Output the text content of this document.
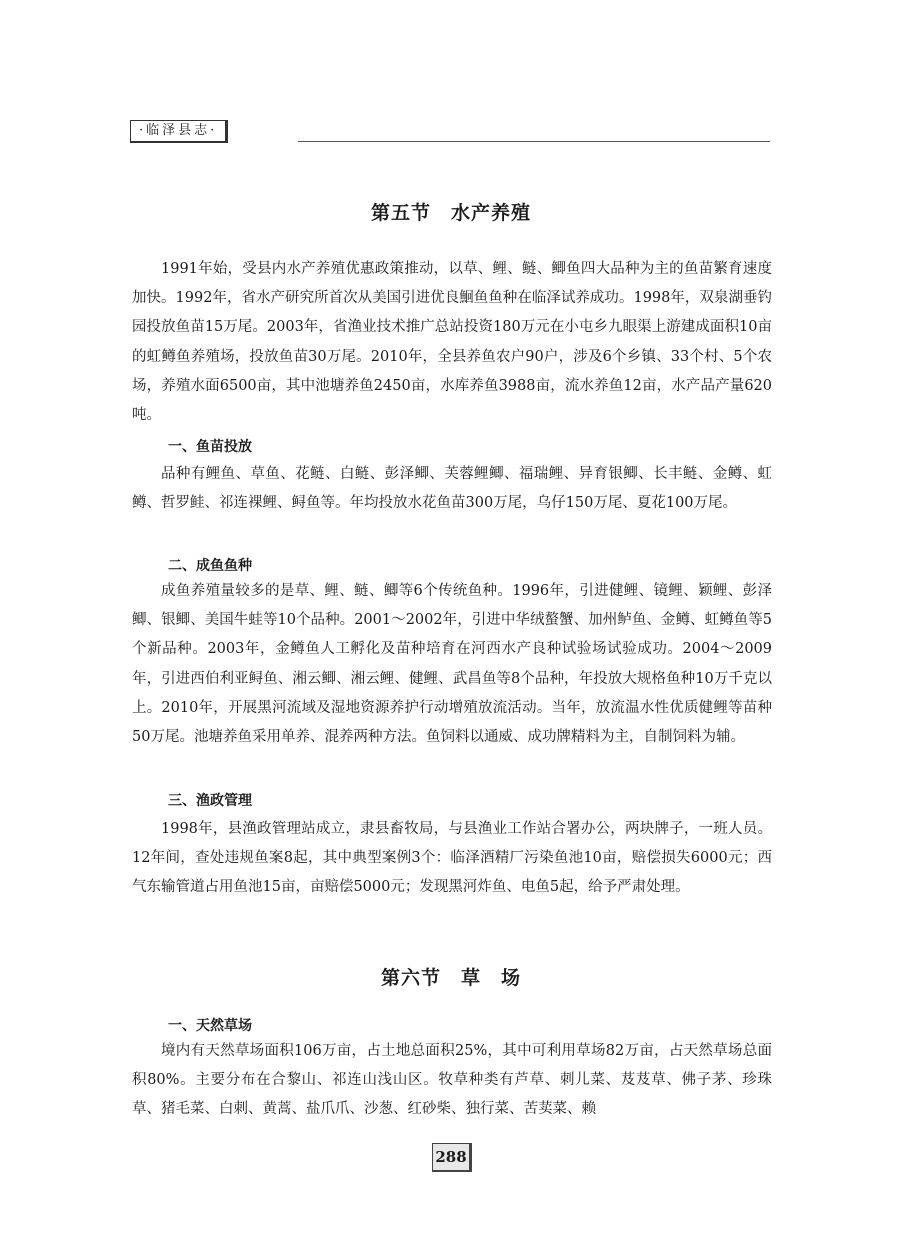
·临泽县志·
第五节　水产养殖

1991年始，受县内水产养殖优惠政策推动，以草、鲤、鲢、鲫鱼四大品种为主的鱼苗繁育速度加快。1992年，省水产研究所首次从美国引进优良鮰鱼鱼种在临泽试养成功。1998年，双泉湖垂钓园投放鱼苗15万尾。2003年，省渔业技术推广总站投资180万元在小屯乡九眼渠上游建成面积10亩的虹鳟鱼养殖场，投放鱼苗30万尾。2010年，全县养鱼农户90户，涉及6个乡镇、33个村、5个农场，养殖水面6500亩，其中池塘养鱼2450亩，水库养鱼3988亩，流水养鱼12亩，水产品产量620吨。

一、鱼苗投放

品种有鲤鱼、草鱼、花鲢、白鲢、彭泽鲫、芙蓉鲤鲫、福瑞鲤、异育银鲫、长丰鲢、金鳟、虹鳟、哲罗鲑、祁连裸鲤、鲟鱼等。年均投放水花鱼苗300万尾，乌仔150万尾、夏花100万尾。

二、成鱼鱼种

成鱼养殖量较多的是草、鲤、鲢、鲫等6个传统鱼种。1996年，引进健鲤、镜鲤、颖鲤、彭泽鲫、银鲫、美国牛蛙等10个品种。2001～2002年，引进中华绒螯蟹、加州鲈鱼、金鳟、虹鳟鱼等5个新品种。2003年，金鳟鱼人工孵化及苗种培育在河西水产良种试验场试验成功。2004～2009年，引进西伯利亚鲟鱼、湘云鲫、湘云鲤、健鲤、武昌鱼等8个品种，年投放大规格鱼种10万千克以上。2010年，开展黑河流域及湿地资源养护行动增殖放流活动。当年，放流温水性优质健鲤等苗种50万尾。池塘养鱼采用单养、混养两种方法。鱼饲料以通威、成功牌精料为主，自制饲料为辅。

三、渔政管理

1998年，县渔政管理站成立，隶县畜牧局，与县渔业工作站合署办公，两块牌子，一班人员。12年间，查处违规鱼案8起，其中典型案例3个：临泽酒精厂污染鱼池10亩，赔偿损失6000元；西气东输管道占用鱼池15亩，亩赔偿5000元；发现黑河炸鱼、电鱼5起，给予严肃处理。

第六节　草　场
一、天然草场

境内有天然草场面积106万亩，占土地总面积25%，其中可利用草场82万亩，占天然草场总面积80%。主要分布在合黎山、祁连山浅山区。牧草种类有芦草、刺儿菜、芨芨草、佛子茅、珍珠草、猪毛菜、白刺、黄蒿、盐爪爪、沙葱、红砂柴、独行菜、苦荬菜、赖

288
